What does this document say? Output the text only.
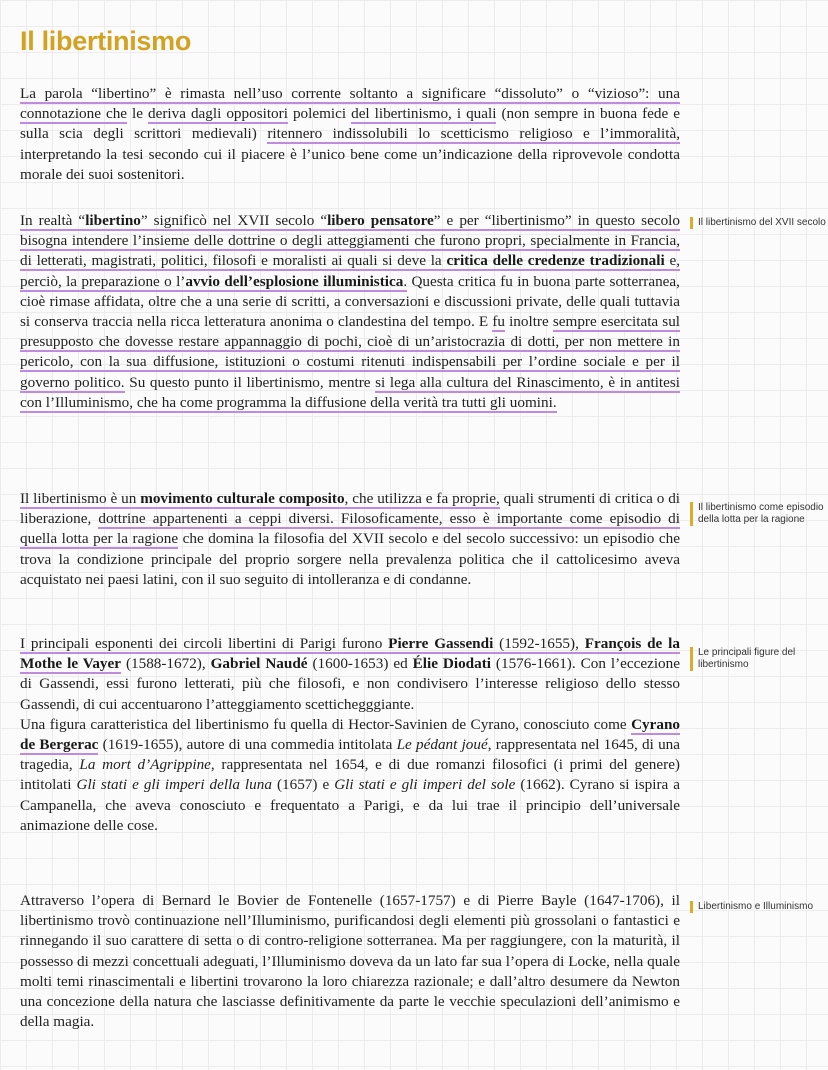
Il libertinismo

La parola “libertino” è rimasta nell’uso corrente soltanto a significare “dissoluto” o “vizioso”: una connotazione che le deriva dagli oppositori polemici del libertinismo, i quali (non sempre in buona fede e sulla scia degli scrittori medievali) ritennero indissolubili lo scetticismo religioso e l’immoralità, interpretando la tesi secondo cui il piacere è l’unico bene come un’indicazione della riprovevole condotta morale dei suoi sostenitori.

In realtà “libertino” significò nel XVII secolo “libero pensatore” e per “libertinismo” in questo secolo bisogna intendere l’insieme delle dottrine o degli atteggiamenti che furono propri, specialmente in Francia, di letterati, magistrati, politici, filosofi e moralisti ai quali si deve la critica delle credenze tradizionali e, perciò, la preparazione o l’avvio dell’esplosione illuministica. Questa critica fu in buona parte sotterranea, cioè rimase affidata, oltre che a una serie di scritti, a conversazioni e discussioni private, delle quali tuttavia si conserva traccia nella ricca letteratura anonima o clandestina del tempo. E fu inoltre sempre esercitata sul presupposto che dovesse restare appannaggio di pochi, cioè di un’aristocrazia di dotti, per non mettere in pericolo, con la sua diffusione, istituzioni o costumi ritenuti indispensabili per l’ordine sociale e per il governo politico. Su questo punto il libertinismo, mentre si lega alla cultura del Rinascimento, è in antitesi con l’Illuminismo, che ha come programma la diffusione della verità tra tutti gli uomini.

Il libertinismo è un movimento culturale composito, che utilizza e fa proprie, quali strumenti di critica o di liberazione, dottrine appartenenti a ceppi diversi. Filosoficamente, esso è importante come episodio di quella lotta per la ragione che domina la filosofia del XVII secolo e del secolo successivo: un episodio che trova la condizione principale del proprio sorgere nella prevalenza politica che il cattolicesimo aveva acquistato nei paesi latini, con il suo seguito di intolleranza e di condanne.

I principali esponenti dei circoli libertini di Parigi furono Pierre Gassendi (1592-1655), François de la Mothe le Vayer (1588-1672), Gabriel Naudé (1600-1653) ed Élie Diodati (1576-1661). Con l’eccezione di Gassendi, essi furono letterati, più che filosofi, e non condivisero l’interesse religioso dello stesso Gassendi, di cui accentuarono l’atteggiamento scettichegggiante.

Una figura caratteristica del libertinismo fu quella di Hector-Savinien de Cyrano, conosciuto come Cyrano de Bergerac (1619-1655), autore di una commedia intitolata Le pédant joué, rappresentata nel 1645, di una tragedia, La mort d’Agrippine, rappresentata nel 1654, e di due romanzi filosofici (i primi del genere) intitolati Gli stati e gli imperi della luna (1657) e Gli stati e gli imperi del sole (1662). Cyrano si ispira a Campanella, che aveva conosciuto e frequentato a Parigi, e da lui trae il principio dell’universale animazione delle cose.

Attraverso l’opera di Bernard le Bovier de Fontenelle (1657-1757) e di Pierre Bayle (1647-1706), il libertinismo trovò continuazione nell’Illuminismo, purificandosi degli elementi più grossolani o fantastici e rinnegando il suo carattere di setta o di contro-religione sotterranea. Ma per raggiungere, con la maturità, il possesso di mezzi concettuali adeguati, l’Illuminismo doveva da un lato far sua l’opera di Locke, nella quale molti temi rinascimentali e libertini trovarono la loro chiarezza razionale; e dall’altro desumere da Newton una concezione della natura che lasciasse definitivamente da parte le vecchie speculazioni dell’animismo e della magia.

Il libertinismo del XVII secolo
Il libertinismo come episodio della lotta per la ragione
Le principali figure del libertinismo
Libertinismo e Illuminismo
